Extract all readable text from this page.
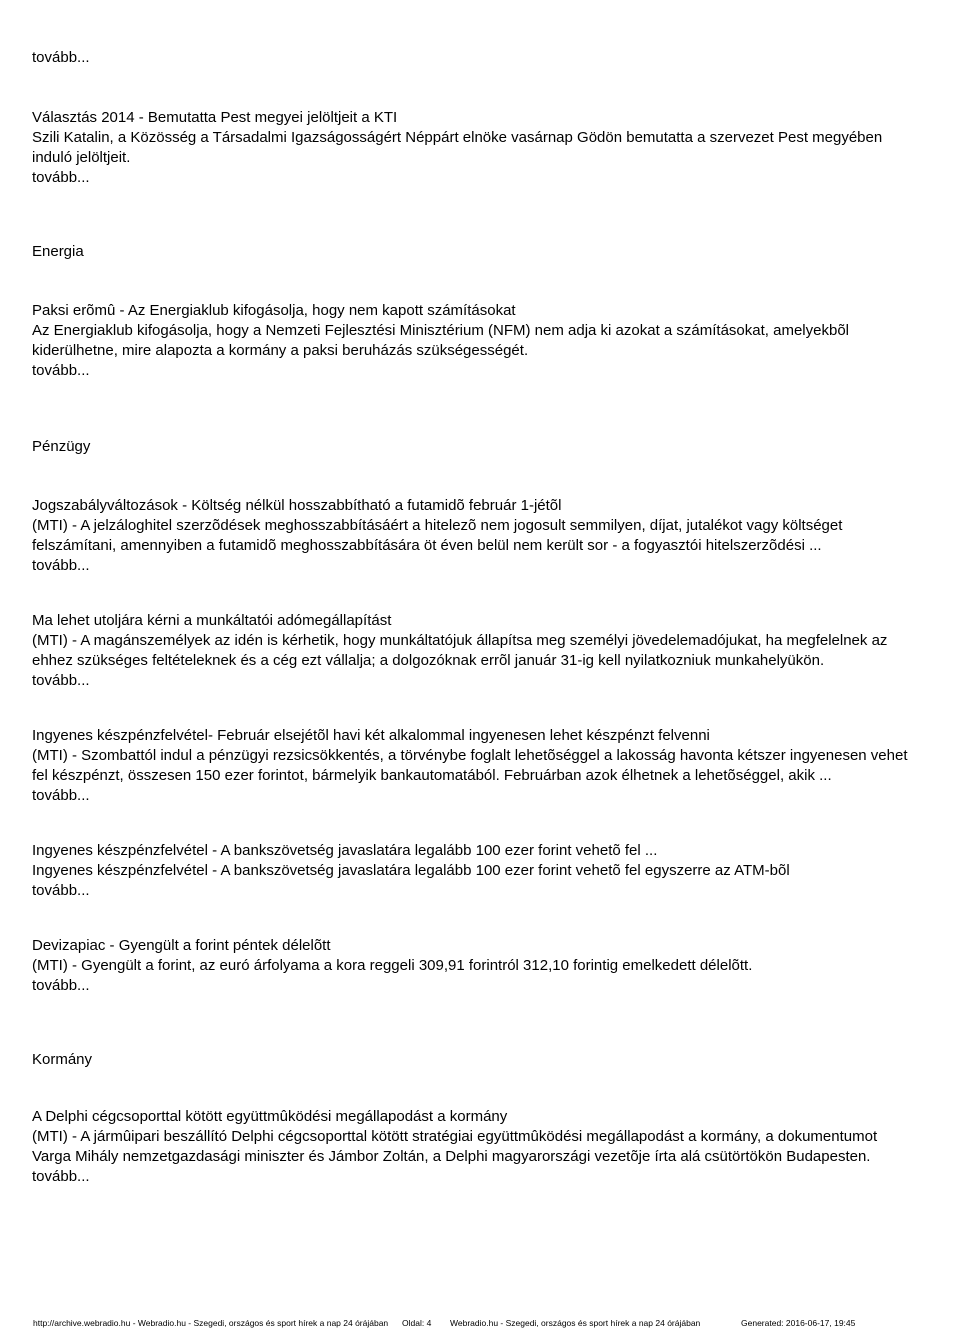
tovább...
Választás 2014 - Bemutatta Pest megyei jelöltjeit a KTI
Szili Katalin, a Közösség a Társadalmi Igazságosságért Néppárt elnöke vasárnap Gödön bemutatta a szervezet Pest megyében induló jelöltjeit.
tovább...
Energia
Paksi erõmû - Az Energiaklub kifogásolja, hogy nem kapott számításokat
Az Energiaklub kifogásolja, hogy a Nemzeti Fejlesztési Minisztérium (NFM) nem adja ki azokat a számításokat, amelyekbõl kiderülhetne, mire alapozta a kormány a paksi beruházás szükségességét.
tovább...
Pénzügy
Jogszabályváltozások - Költség nélkül hosszabbítható a futamidõ február 1-jétõl
(MTI) - A jelzáloghitel szerzõdések meghosszabbításáért a hitelezõ nem jogosult semmilyen, díjat, jutalékot vagy költséget felszámítani, amennyiben a futamidõ meghosszabbítására öt éven belül nem került sor - a fogyasztói hitelszerzõdési ...
tovább...
Ma lehet utoljára kérni a munkáltatói adómegállapítást
(MTI) - A magánszemélyek az idén is kérhetik, hogy munkáltatójuk állapítsa meg személyi jövedelemadójukat, ha megfelelnek az ehhez szükséges feltételeknek és a cég ezt vállalja; a dolgozóknak errõl január 31-ig kell nyilatkozniuk munkahelyükön.
tovább...
Ingyenes készpénzfelvétel- Február elsejétõl havi két alkalommal ingyenesen lehet készpénzt felvenni
(MTI) - Szombattól indul a pénzügyi rezsicsökkentés, a törvénybe foglalt lehetõséggel a lakosság havonta kétszer ingyenesen vehet fel készpénzt, összesen 150 ezer forintot, bármelyik bankautomatából. Februárban azok élhetnek a lehetõséggel, akik ...
tovább...
Ingyenes készpénzfelvétel - A bankszövetség javaslatára legalább 100 ezer forint vehetõ fel ...
Ingyenes készpénzfelvétel - A bankszövetség javaslatára legalább 100 ezer forint vehetõ fel egyszerre az ATM-bõl
tovább...
Devizapiac - Gyengült a forint péntek délelõtt
(MTI) - Gyengült a forint, az euró árfolyama a kora reggeli 309,91 forintról 312,10 forintig emelkedett délelõtt.
tovább...
Kormány
A Delphi cégcsoporttal kötött együttmûködési megállapodást a kormány
(MTI) - A jármûipari beszállító Delphi cégcsoporttal kötött stratégiai együttmûködési megállapodást a kormány, a dokumentumot Varga Mihály nemzetgazdasági miniszter és Jámbor Zoltán, a Delphi magyarországi vezetõje írta alá csütörtökön Budapesten.
tovább...
http://archive.webradio.hu - Webradio.hu - Szegedi, országos és sport hírek a nap 24 órájában Oldal: 4 Webradio.hu - Szegedi, országos és sport hírek a nap 24 órájában	Generated: 2016-06-17, 19:45
